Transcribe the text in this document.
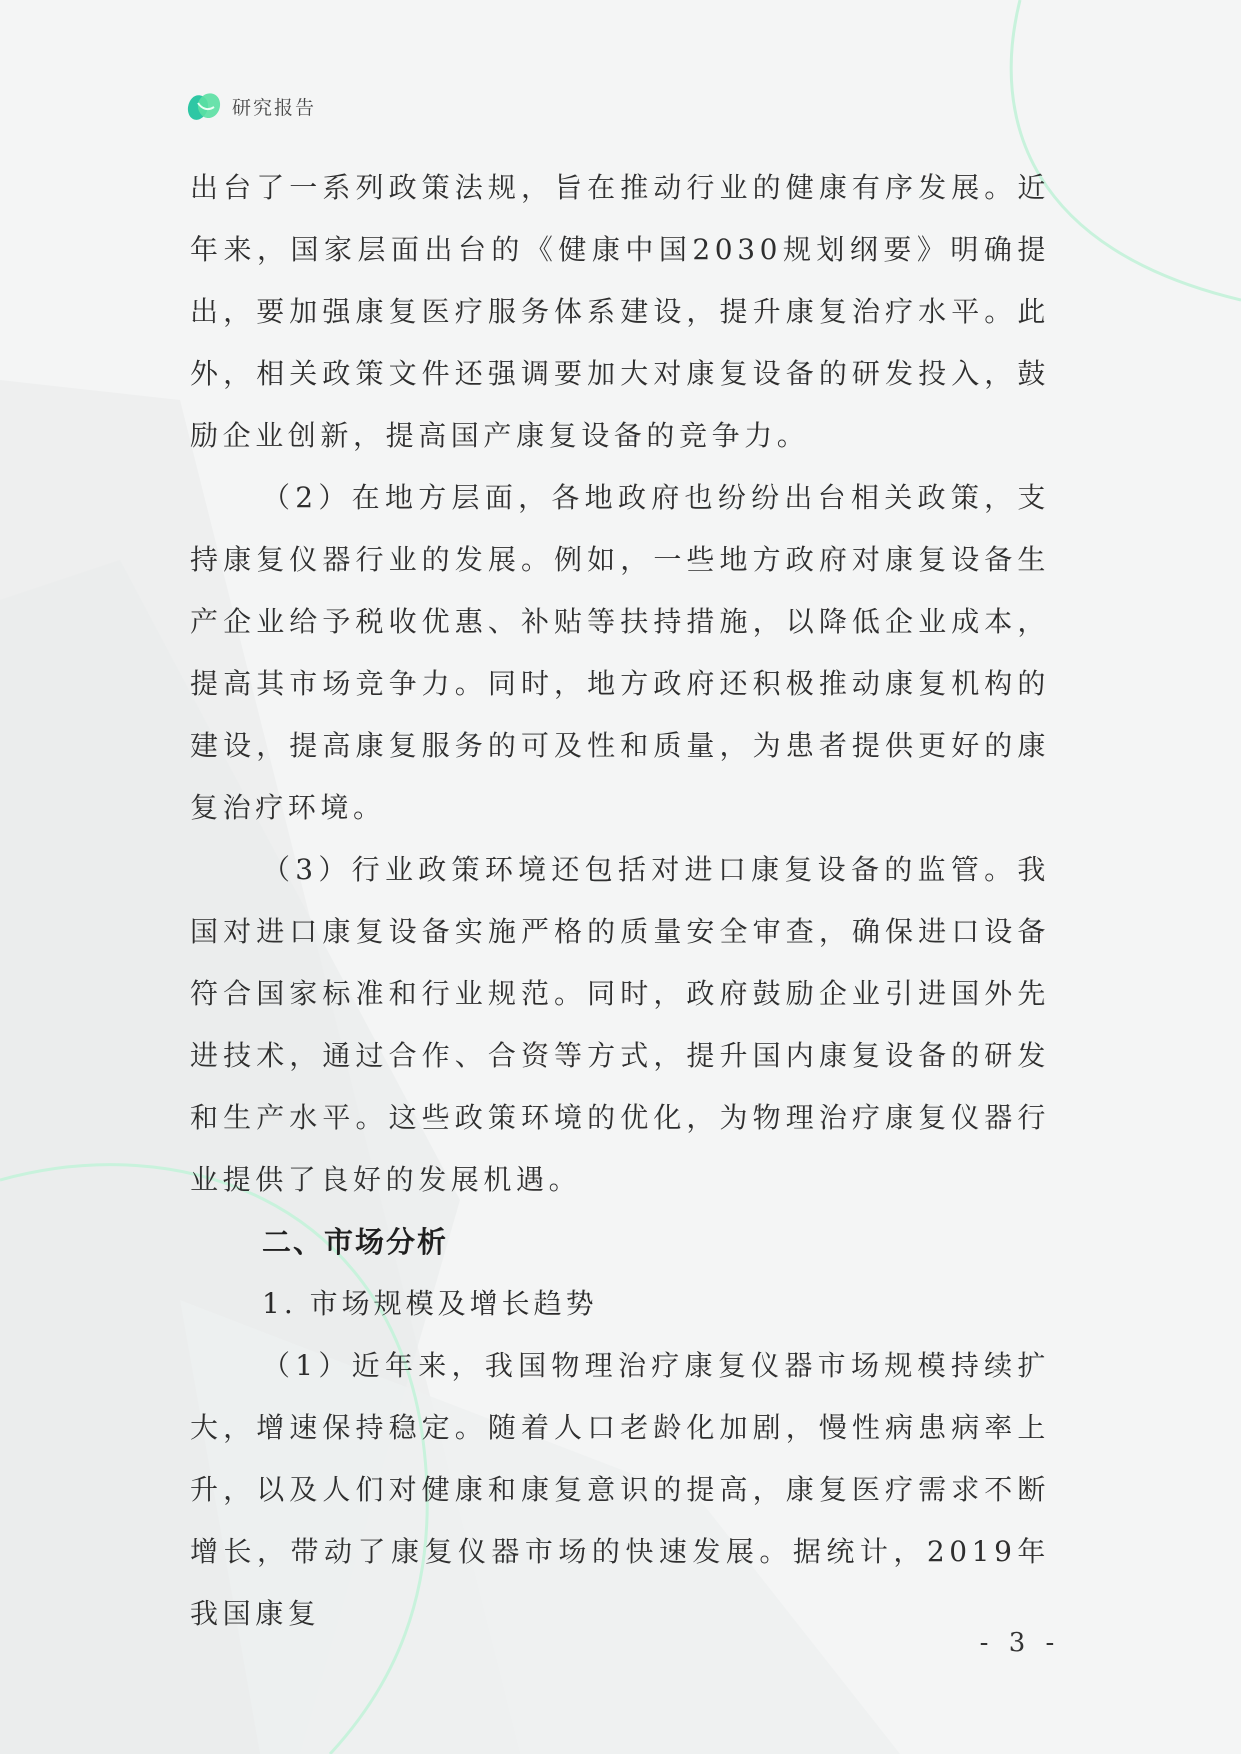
研究报告

出台了一系列政策法规，旨在推动行业的健康有序发展。近年来，国家层面出台的《健康中国2030规划纲要》明确提出，要加强康复医疗服务体系建设，提升康复治疗水平。此外，相关政策文件还强调要加大对康复设备的研发投入，鼓励企业创新，提高国产康复设备的竞争力。

（2）在地方层面，各地政府也纷纷出台相关政策，支持康复仪器行业的发展。例如，一些地方政府对康复设备生产企业给予税收优惠、补贴等扶持措施，以降低企业成本，提高其市场竞争力。同时，地方政府还积极推动康复机构的建设，提高康复服务的可及性和质量，为患者提供更好的康复治疗环境。

（3）行业政策环境还包括对进口康复设备的监管。我国对进口康复设备实施严格的质量安全审查，确保进口设备符合国家标准和行业规范。同时，政府鼓励企业引进国外先进技术，通过合作、合资等方式，提升国内康复设备的研发和生产水平。这些政策环境的优化，为物理治疗康复仪器行业提供了良好的发展机遇。

二、市场分析
1. 市场规模及增长趋势

（1）近年来，我国物理治疗康复仪器市场规模持续扩大，增速保持稳定。随着人口老龄化加剧，慢性病患病率上升，以及人们对健康和康复意识的提高，康复医疗需求不断增长，带动了康复仪器市场的快速发展。据统计，2019年我国康复

- 3 -
